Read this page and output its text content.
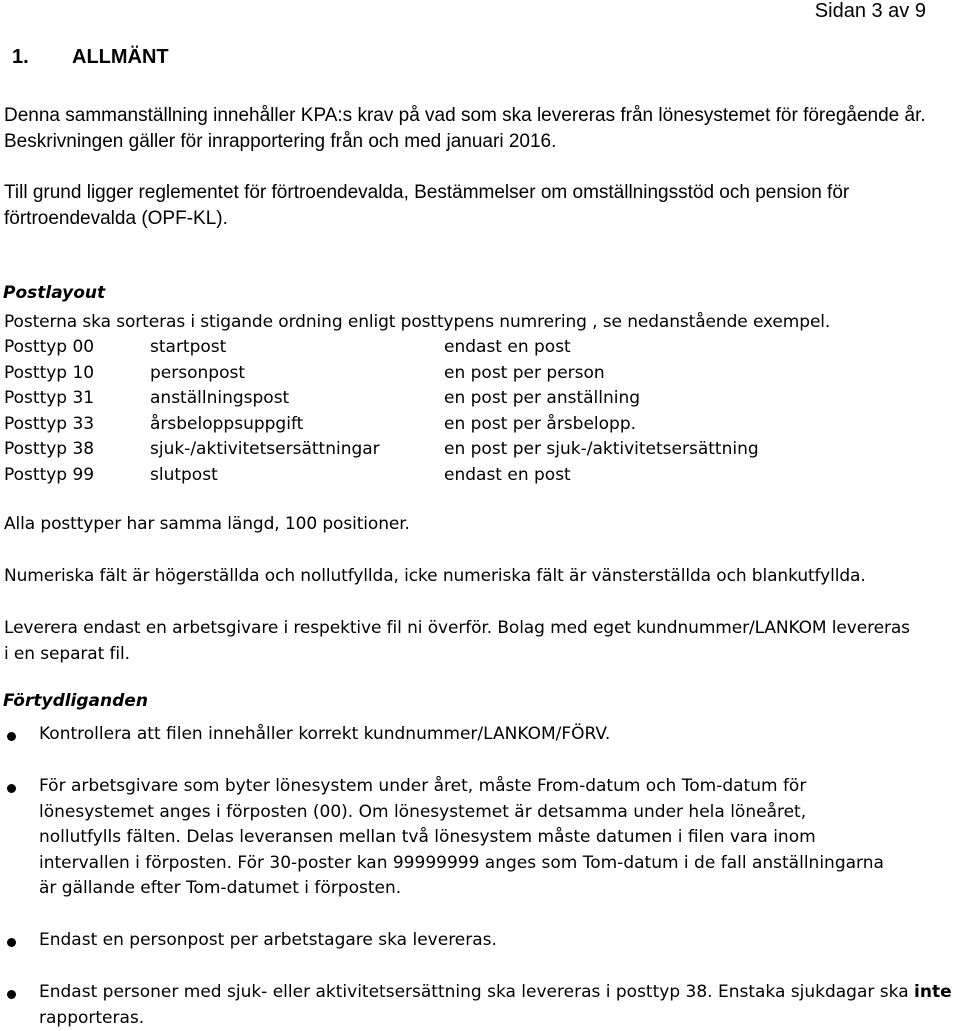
Sidan 3 av 9
1. ALLMÄNT
Denna sammanställning innehåller KPA:s krav på vad som ska levereras från lönesystemet för föregående år. Beskrivningen gäller för inrapportering från och med januari 2016.
Till grund ligger reglementet för förtroendevalda, Bestämmelser om omställningsstöd och pension för förtroendevalda (OPF-KL).
Postlayout
Posterna ska sorteras i stigande ordning enligt posttypens numrering , se nedanstående exempel.
Posttyp 00	startpost	endast en post
Posttyp 10	personpost	en post per person
Posttyp 31	anställningspost	en post per anställning
Posttyp 33	årsbeloppsuppgift	en post per årsbelopp.
Posttyp 38	sjuk-/aktivitetsersättningar	en post per sjuk-/aktivitetsersättning
Posttyp 99	slutpost	endast en post
Alla posttyper har samma längd, 100 positioner.
Numeriska fält är högerställda och nollutfyllda, icke numeriska fält är vänsterställda och blankutfyllda.
Leverera endast en arbetsgivare i respektive fil ni överför. Bolag med eget kundnummer/LANKOM levereras i en separat fil.
Förtydliganden
Kontrollera att filen innehåller korrekt kundnummer/LANKOM/FÖRV.
För arbetsgivare som byter lönesystem under året, måste From-datum och Tom-datum för lönesystemet anges i förposten (00). Om lönesystemet är detsamma under hela löneåret, nollutfylls fälten. Delas leveransen mellan två lönesystem måste datumen i filen vara inom intervallen i förposten. För 30-poster kan 99999999 anges som Tom-datum i de fall anställningarna är gällande efter Tom-datumet i förposten.
Endast en personpost per arbetstagare ska levereras.
Endast personer med sjuk- eller aktivitetsersättning ska levereras i posttyp 38. Enstaka sjukdagar ska inte rapporteras.
